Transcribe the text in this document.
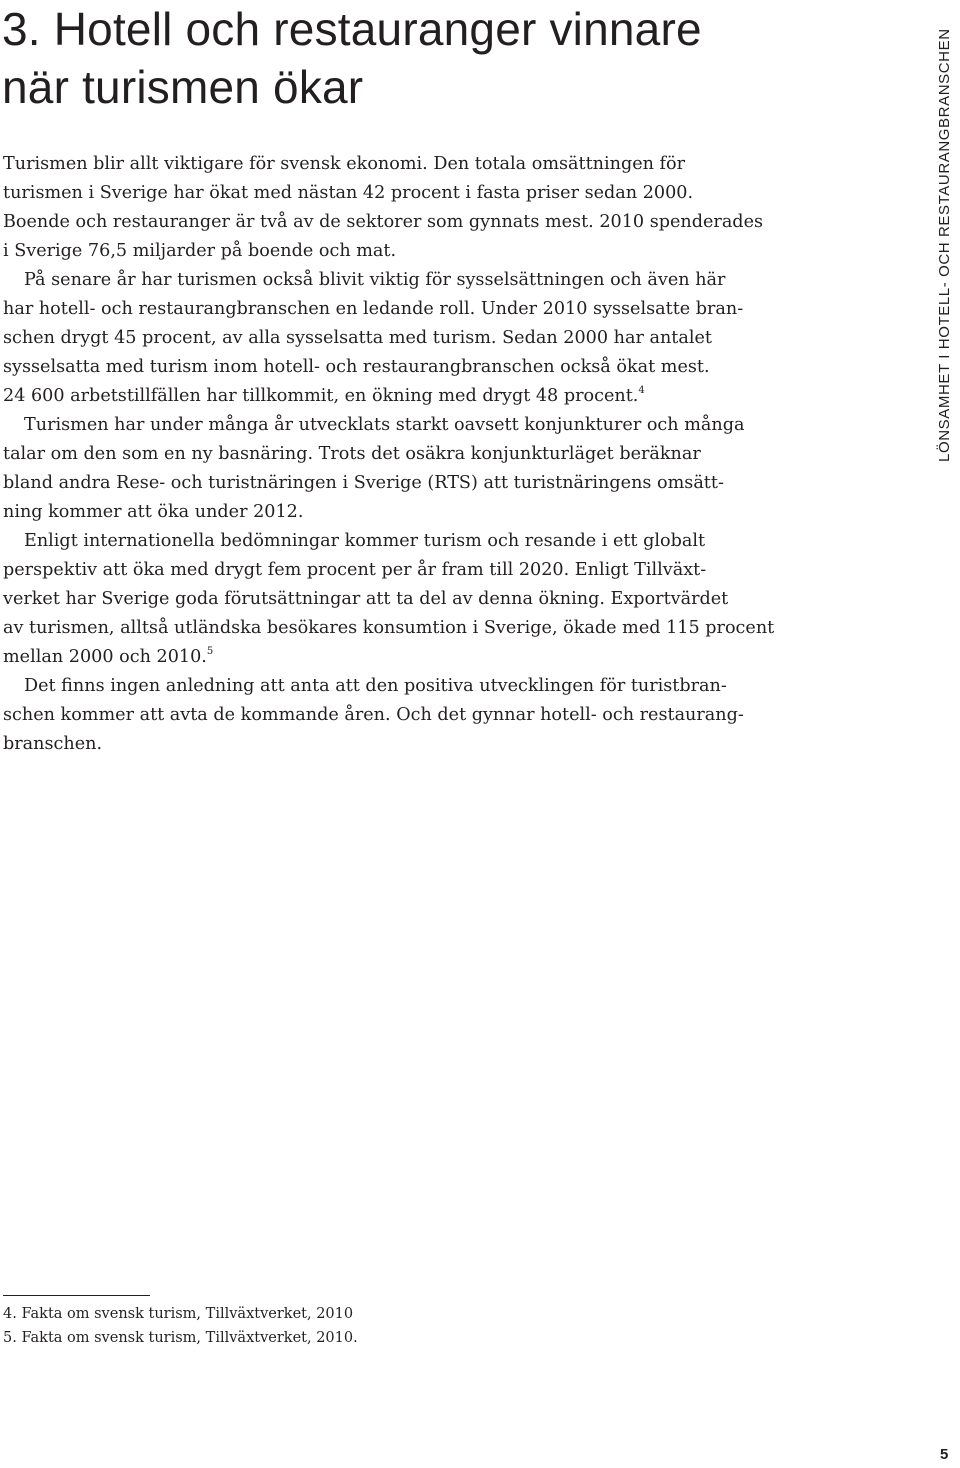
3. Hotell och restauranger vinnare
när turismen ökar

Turismen blir allt viktigare för svensk ekonomi. Den totala omsättningen för
turismen i Sverige har ökat med nästan 42 procent i fasta priser sedan 2000.
Boende och restauranger är två av de sektorer som gynnats mest. 2010 spenderades
i Sverige 76,5 miljarder på boende och mat.

På senare år har turismen också blivit viktig för sysselsättningen och även här
har hotell- och restaurangbranschen en ledande roll. Under 2010 sysselsatte bran-
schen drygt 45 procent, av alla sysselsatta med turism. Sedan 2000 har antalet
sysselsatta med turism inom hotell- och restaurangbranschen också ökat mest.
24 600 arbetstillfällen har tillkommit, en ökning med drygt 48 procent.$^4$

Turismen har under många år utvecklats starkt oavsett konjunkturer och många
talar om den som en ny basnäring. Trots det osäkra konjunkturläget beräknar
bland andra Rese- och turistnäringen i Sverige (RTS) att turistnäringens omsätt-
ning kommer att öka under 2012.

Enligt internationella bedömningar kommer turism och resande i ett globalt
perspektiv att öka med drygt fem procent per år fram till 2020. Enligt Tillväxt-
verket har Sverige goda förutsättningar att ta del av denna ökning. Exportvärdet
av turismen, alltså utländska besökares konsumtion i Sverige, ökade med 115 procent
mellan 2000 och 2010.$^5$

Det finns ingen anledning att anta att den positiva utvecklingen för turistbran-
schen kommer att avta de kommande åren. Och det gynnar hotell- och restaurang-
branschen.

LÖNSAMHET I HOTELL- OCH RESTAURANGBRANSCHEN
4. Fakta om svensk turism, Tillväxtverket, 2010
5. Fakta om svensk turism, Tillväxtverket, 2010.
5
